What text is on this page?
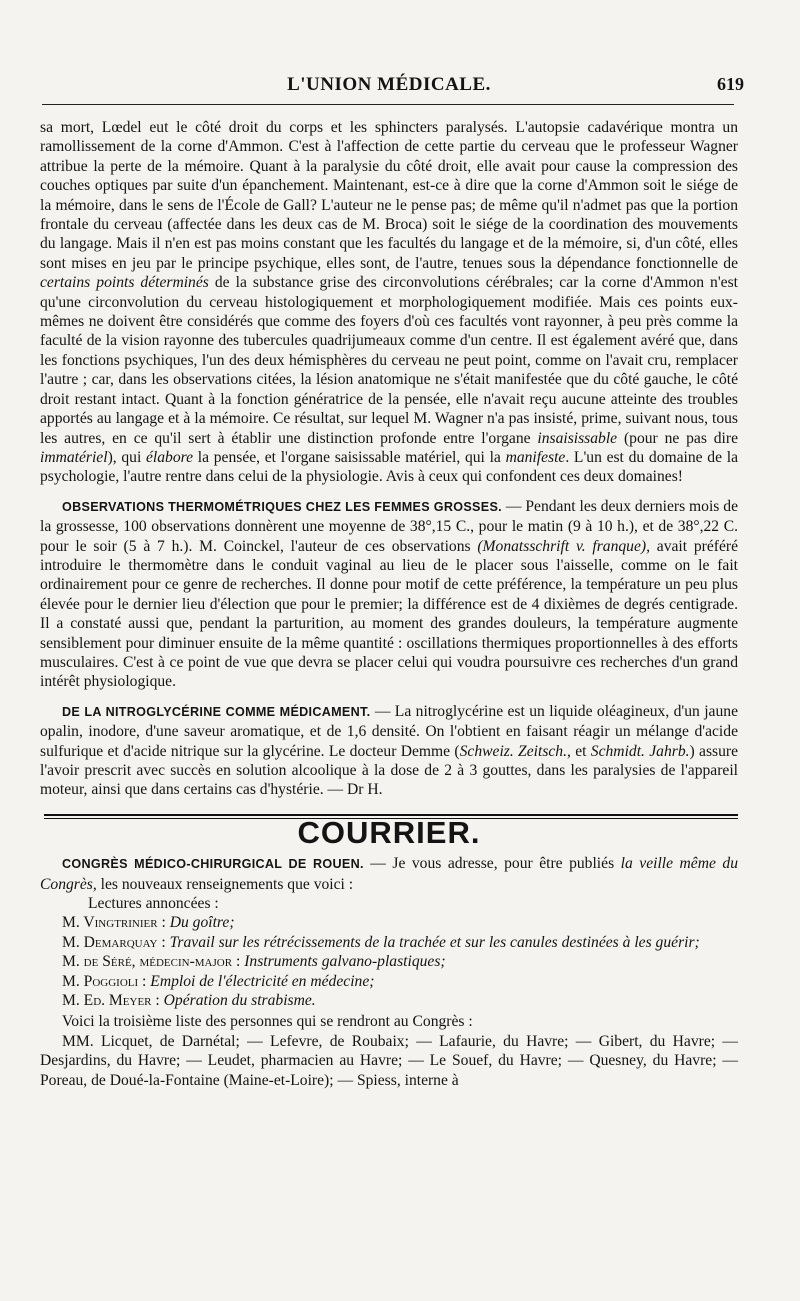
L'UNION MÉDICALE.	619

sa mort, Lœdel eut le côté droit du corps et les sphincters paralysés. L'autopsie cadavérique montra un ramollissement de la corne d'Ammon. C'est à l'affection de cette partie du cerveau que le professeur Wagner attribue la perte de la mémoire. Quant à la paralysie du côté droit, elle avait pour cause la compression des couches optiques par suite d'un épanchement. Maintenant, est-ce à dire que la corne d'Ammon soit le siége de la mémoire, dans le sens de l'École de Gall? L'auteur ne le pense pas; de même qu'il n'admet pas que la portion frontale du cerveau (affectée dans les deux cas de M. Broca) soit le siége de la coordination des mouvements du langage. Mais il n'en est pas moins constant que les facultés du langage et de la mémoire, si, d'un côté, elles sont mises en jeu par le principe psychique, elles sont, de l'autre, tenues sous la dépendance fonctionnelle de certains points déterminés de la substance grise des circonvolutions cérébrales; car la corne d'Ammon n'est qu'une circonvolution du cerveau histologiquement et morphologiquement modifiée. Mais ces points eux-mêmes ne doivent être considérés que comme des foyers d'où ces facultés vont rayonner, à peu près comme la faculté de la vision rayonne des tubercules quadrijumeaux comme d'un centre. Il est également avéré que, dans les fonctions psychiques, l'un des deux hémisphères du cerveau ne peut point, comme on l'avait cru, remplacer l'autre ; car, dans les observations citées, la lésion anatomique ne s'était manifestée que du côté gauche, le côté droit restant intact. Quant à la fonction génératrice de la pensée, elle n'avait reçu aucune atteinte des troubles apportés au langage et à la mémoire. Ce résultat, sur lequel M. Wagner n'a pas insisté, prime, suivant nous, tous les autres, en ce qu'il sert à établir une distinction profonde entre l'organe insaisissable (pour ne pas dire immatériel), qui élabore la pensée, et l'organe saisissable matériel, qui la manifeste. L'un est du domaine de la psychologie, l'autre rentre dans celui de la physiologie. Avis à ceux qui confondent ces deux domaines!

OBSERVATIONS THERMOMÉTRIQUES CHEZ LES FEMMES GROSSES. — Pendant les deux derniers mois de la grossesse, 100 observations donnèrent une moyenne de 38°,15 C., pour le matin (9 à 10 h.), et de 38°,22 C. pour le soir (5 à 7 h.). M. Coinckel, l'auteur de ces observations (Monatsschrift v. franque), avait préféré introduire le thermomètre dans le conduit vaginal au lieu de le placer sous l'aisselle, comme on le fait ordinairement pour ce genre de recherches. Il donne pour motif de cette préférence, la température un peu plus élevée pour le dernier lieu d'élection que pour le premier; la différence est de 4 dixièmes de degrés centigrade. Il a constaté aussi que, pendant la parturition, au moment des grandes douleurs, la température augmente sensiblement pour diminuer ensuite de la même quantité : oscillations thermiques proportionnelles à des efforts musculaires. C'est à ce point de vue que devra se placer celui qui voudra poursuivre ces recherches d'un grand intérêt physiologique.

DE LA NITROGLYCÉRINE COMME MÉDICAMENT. — La nitroglycérine est un liquide oléagineux, d'un jaune opalin, inodore, d'une saveur aromatique, et de 1,6 densité. On l'obtient en faisant réagir un mélange d'acide sulfurique et d'acide nitrique sur la glycérine. Le docteur Demme (Schweiz. Zeitsch., et Schmidt. Jahrb.) assure l'avoir prescrit avec succès en solution alcoolique à la dose de 2 à 3 gouttes, dans les paralysies de l'appareil moteur, ainsi que dans certains cas d'hystérie. — Dr H.

COURRIER.

CONGRÈS MÉDICO-CHIRURGICAL DE ROUEN. — Je vous adresse, pour être publiés la veille même du Congrès, les nouveaux renseignements que voici :

Lectures annoncées :

M. Vingtrinier : Du goître;

M. Demarquay : Travail sur les rétrécissements de la trachée et sur les canules destinées à les guérir;

M. de Séré, médecin-major : Instruments galvano-plastiques;

M. Poggioli : Emploi de l'électricité en médecine;

M. Ed. Meyer : Opération du strabisme.

Voici la troisième liste des personnes qui se rendront au Congrès :

MM. Licquet, de Darnétal; — Lefevre, de Roubaix; — Lafaurie, du Havre; — Gibert, du Havre; — Desjardins, du Havre; — Leudet, pharmacien au Havre; — Le Souef, du Havre; — Quesney, du Havre; — Poreau, de Doué-la-Fontaine (Maine-et-Loire); — Spiess, interne à
